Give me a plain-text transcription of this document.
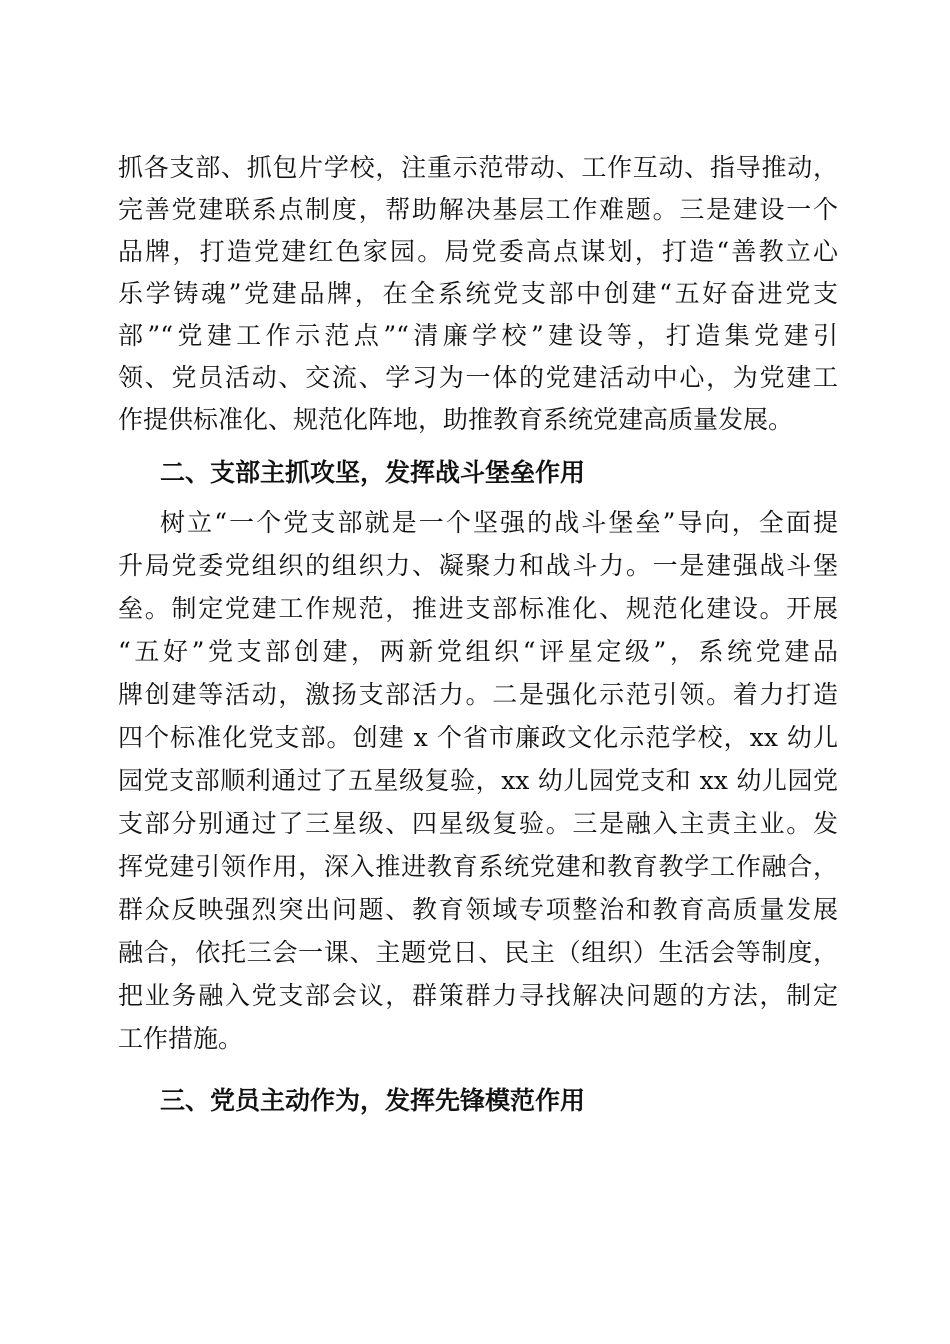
抓各支部、抓包片学校，注重示范带动、工作互动、指导推动，
完善党建联系点制度，帮助解决基层工作难题。三是建设一个
品牌，打造党建红色家园。局党委高点谋划，打造“善教立心
乐学铸魂”党建品牌，在全系统党支部中创建“五好奋进党支
部”“党建工作示范点”“清廉学校”建设等，打造集党建引
领、党员活动、交流、学习为一体的党建活动中心，为党建工
作提供标准化、规范化阵地，助推教育系统党建高质量发展。
二、支部主抓攻坚，发挥战斗堡垒作用
树立“一个党支部就是一个坚强的战斗堡垒”导向，全面提
升局党委党组织的组织力、凝聚力和战斗力。一是建强战斗堡
垒。制定党建工作规范，推进支部标准化、规范化建设。开展
“五好”党支部创建，两新党组织“评星定级”，系统党建品
牌创建等活动，激扬支部活力。二是强化示范引领。着力打造
四个标准化党支部。创建 x 个省市廉政文化示范学校，xx 幼儿
园党支部顺利通过了五星级复验，xx 幼儿园党支和 xx 幼儿园党
支部分别通过了三星级、四星级复验。三是融入主责主业。发
挥党建引领作用，深入推进教育系统党建和教育教学工作融合，
群众反映强烈突出问题、教育领域专项整治和教育高质量发展
融合，依托三会一课、主题党日、民主（组织）生活会等制度，
把业务融入党支部会议，群策群力寻找解决问题的方法，制定
工作措施。
三、党员主动作为，发挥先锋模范作用
